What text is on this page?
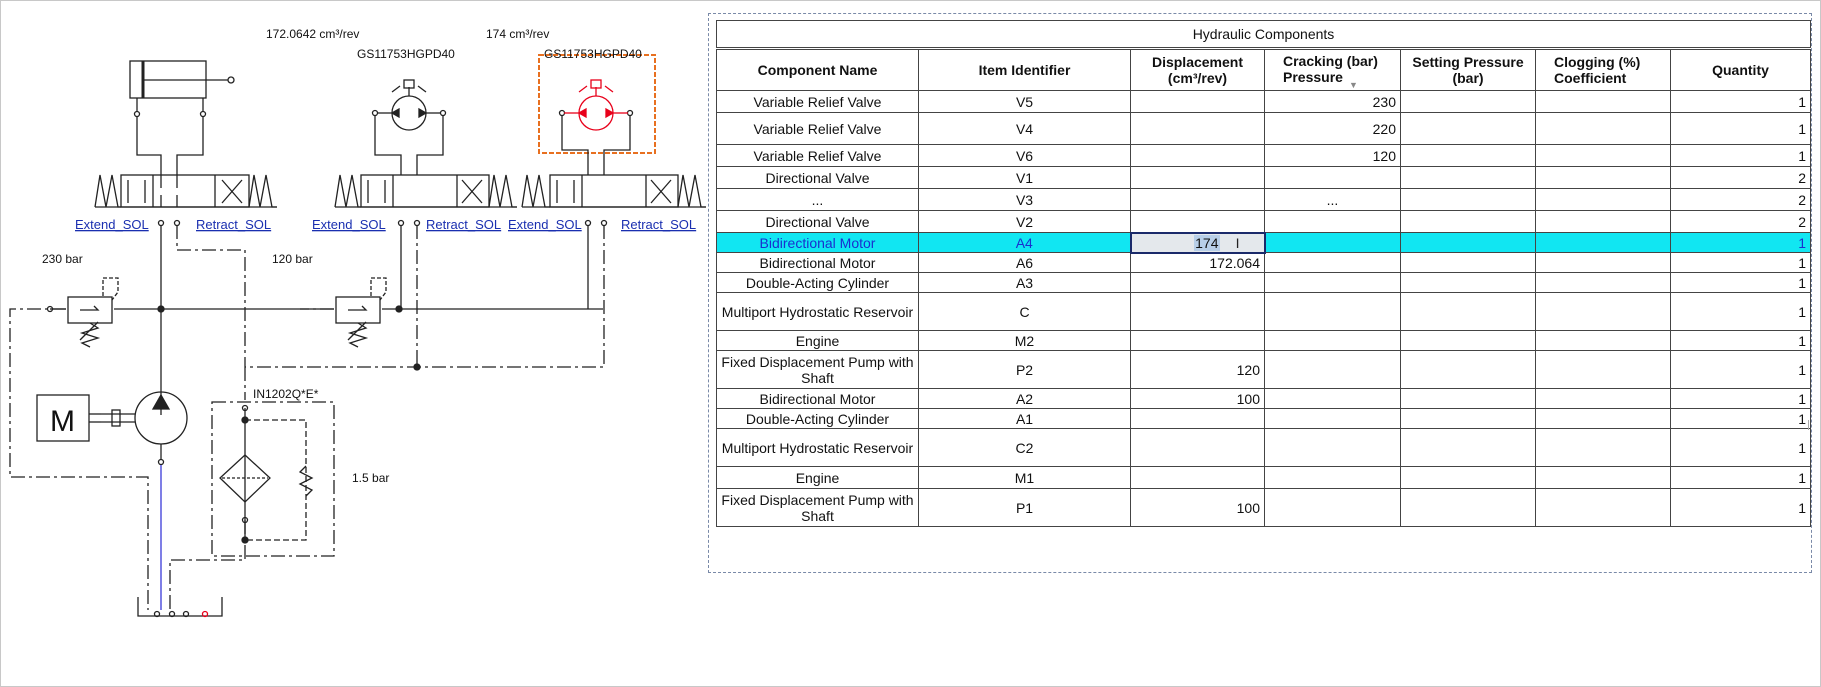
172.0642 cm³/rev	174 cm³/rev
GS11753HGPD40	GS11753HGPD40
Extend_SOL	Retract_SOL	Extend_SOL	Retract_SOL Extend_SOL	Retract_SOL
230 bar	120 bar
IN1202Q*E*
1.5 bar
M
Hydraulic Components						
Component Name	Item Identifier	Displacement (cm³/rev)	Cracking (bar) Pressure $_▼$	Setting Pressure (bar)	Clogging (%) Coefficient	Quantity
Variable Relief Valve	V5		230			1
Variable Relief Valve	V4		220			1
Variable Relief Valve	V6		120			1
Directional Valve	V1					2
...	V3		...			2
Directional Valve	V2					2
Bidirectional Motor	A4	174 I				1
Bidirectional Motor	A6	172.064				1
Double-Acting Cylinder	A3					1
Multiport Hydrostatic Reservoir	C					1
Engine	M2					1
Fixed Displacement Pump with Shaft	P2	120				1
Bidirectional Motor	A2	100				1
Double-Acting Cylinder	A1					1
Multiport Hydrostatic Reservoir	C2					1
Engine	M1					1
Fixed Displacement Pump with Shaft	P1	100				1
